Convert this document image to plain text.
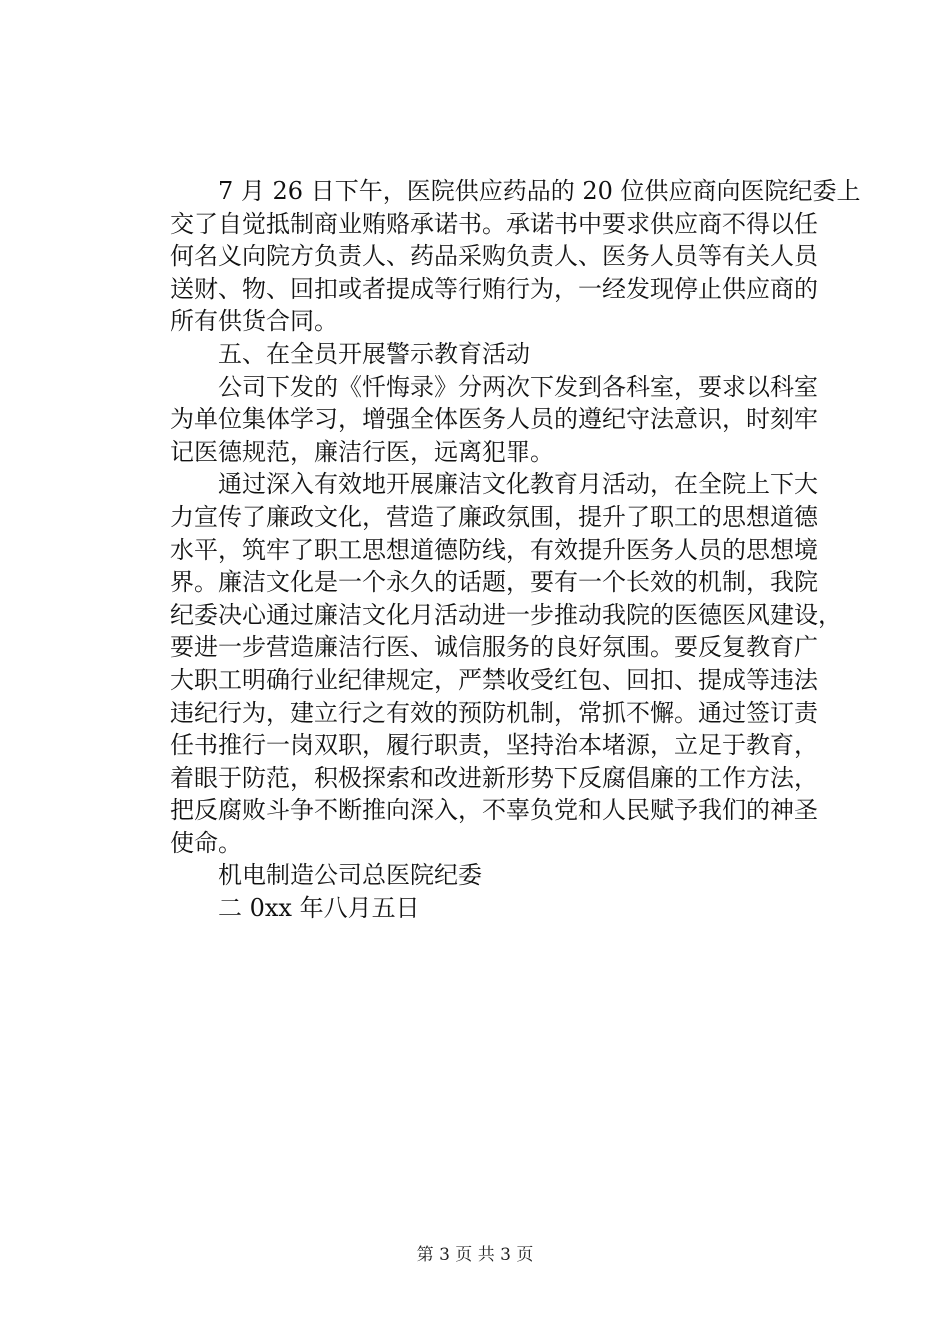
7 月 26 日下午，医院供应药品的 20 位供应商向医院纪委上
交了自觉抵制商业贿赂承诺书。承诺书中要求供应商不得以任
何名义向院方负责人、药品采购负责人、医务人员等有关人员
送财、物、回扣或者提成等行贿行为，一经发现停止供应商的
所有供货合同。
五、在全员开展警示教育活动
公司下发的《忏悔录》分两次下发到各科室，要求以科室
为单位集体学习，增强全体医务人员的遵纪守法意识，时刻牢
记医德规范，廉洁行医，远离犯罪。
通过深入有效地开展廉洁文化教育月活动，在全院上下大
力宣传了廉政文化，营造了廉政氛围，提升了职工的思想道德
水平，筑牢了职工思想道德防线，有效提升医务人员的思想境
界。廉洁文化是一个永久的话题，要有一个长效的机制，我院
纪委决心通过廉洁文化月活动进一步推动我院的医德医风建设，
要进一步营造廉洁行医、诚信服务的良好氛围。要反复教育广
大职工明确行业纪律规定，严禁收受红包、回扣、提成等违法
违纪行为，建立行之有效的预防机制，常抓不懈。通过签订责
任书推行一岗双职，履行职责，坚持治本堵源，立足于教育，
着眼于防范，积极探索和改进新形势下反腐倡廉的工作方法，
把反腐败斗争不断推向深入，不辜负党和人民赋予我们的神圣
使命。
机电制造公司总医院纪委
二 0xx 年八月五日
第 3 页 共 3 页
